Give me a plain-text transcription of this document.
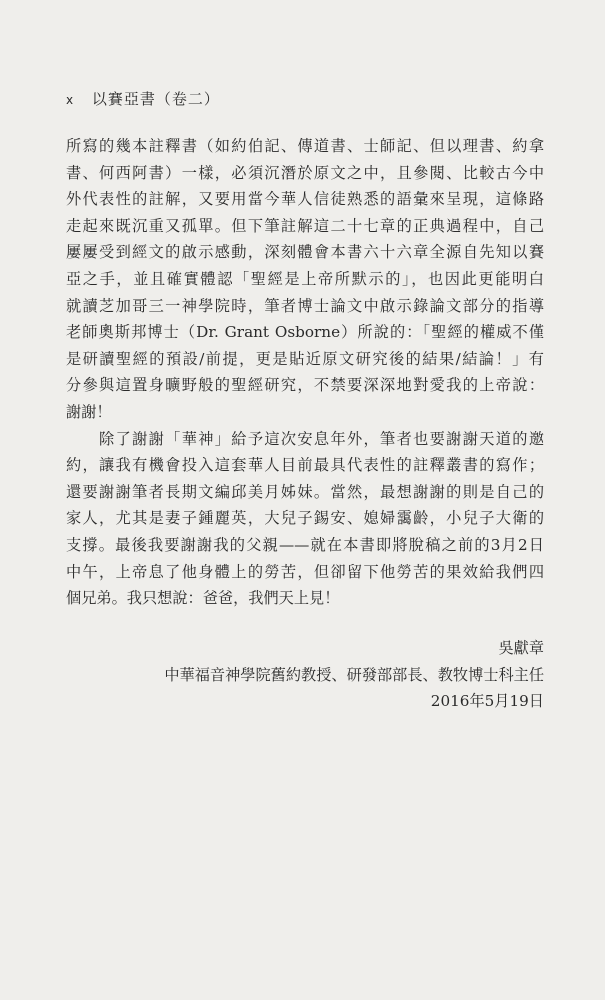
x 以賽亞書（卷二）
所寫的幾本註釋書（如約伯記、傳道書、士師記、但以理書、約拿
書、何西阿書）一樣，必須沉潛於原文之中，且參閱、比較古今中
外代表性的註解，又要用當今華人信徒熟悉的語彙來呈現，這條路
走起來既沉重又孤單。但下筆註解這二十七章的正典過程中，自己
屢屢受到經文的啟示感動，深刻體會本書六十六章全源自先知以賽
亞之手，並且確實體認「聖經是上帝所默示的」，也因此更能明白
就讀芝加哥三一神學院時，筆者博士論文中啟示錄論文部分的指導
老師奧斯邦博士（Dr. Grant Osborne）所說的：「聖經的權威不僅
是研讀聖經的預設/前提，更是貼近原文研究後的結果/結論！」有
分參與這置身曠野般的聖經研究，不禁要深深地對愛我的上帝說：
謝謝！
　　除了謝謝「華神」給予這次安息年外，筆者也要謝謝天道的邀
約，讓我有機會投入這套華人目前最具代表性的註釋叢書的寫作；
還要謝謝筆者長期文編邱美月姊妹。當然，最想謝謝的則是自己的
家人，尤其是妻子鍾麗英，大兒子錫安、媳婦靄齡，小兒子大衛的
支撐。最後我要謝謝我的父親——就在本書即將脫稿之前的3月2日
中午，上帝息了他身體上的勞苦，但卻留下他勞苦的果效給我們四
個兄弟。我只想說：爸爸，我們天上見！
吳獻章
中華福音神學院舊約教授、研發部部長、教牧博士科主任
2016年5月19日
